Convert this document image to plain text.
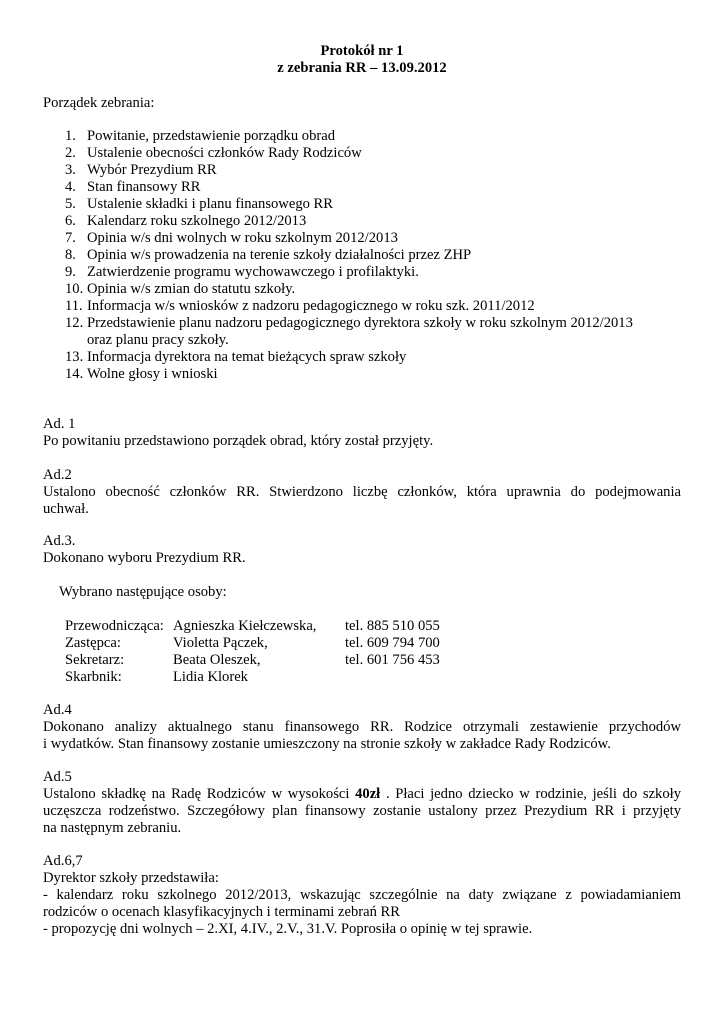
Protokół nr 1
z zebrania RR – 13.09.2012
Porządek zebrania:
1. Powitanie, przedstawienie porządku obrad
2. Ustalenie obecności członków Rady Rodziców
3. Wybór Prezydium RR
4. Stan finansowy RR
5. Ustalenie składki i planu finansowego RR
6. Kalendarz roku szkolnego 2012/2013
7. Opinia w/s dni wolnych w roku szkolnym 2012/2013
8. Opinia w/s prowadzenia na terenie szkoły działalności przez ZHP
9. Zatwierdzenie programu wychowawczego i profilaktyki.
10. Opinia w/s zmian do statutu szkoły.
11. Informacja w/s wniosków z nadzoru pedagogicznego w roku szk. 2011/2012
12. Przedstawienie planu nadzoru pedagogicznego dyrektora szkoły w roku szkolnym 2012/2013
oraz planu pracy szkoły.
13. Informacja dyrektora na temat bieżących spraw szkoły
14. Wolne głosy i wnioski
Ad. 1
Po powitaniu przedstawiono porządek obrad, który został przyjęty.
Ad.2
Ustalono obecność członków RR. Stwierdzono liczbę członków, która uprawnia do podejmowania
uchwał.
Ad.3.
Dokonano wyboru Prezydium RR.
Wybrano następujące osoby:
Przewodnicząca: Agnieszka Kiełczewska, tel. 885 510 055
Zastępca:	Violetta Pączek,	tel. 609 794 700
Sekretarz:	Beata Oleszek,	tel. 601 756 453
Skarbnik:	Lidia Klorek
Ad.4
Dokonano analizy aktualnego stanu finansowego RR. Rodzice otrzymali zestawienie przychodów
i wydatków. Stan finansowy zostanie umieszczony na stronie szkoły w zakładce Rady Rodziców.
Ad.5
Ustalono składkę na Radę Rodziców w wysokości 40zł . Płaci jedno dziecko w rodzinie, jeśli do szkoły
uczęszcza rodzeństwo. Szczegółowy plan finansowy zostanie ustalony przez Prezydium RR i przyjęty
na następnym zebraniu.
Ad.6,7
Dyrektor szkoły przedstawiła:
- kalendarz roku szkolnego 2012/2013, wskazując szczególnie na daty związane z powiadamianiem
rodziców o ocenach klasyfikacyjnych i terminami zebrań RR
- propozycję dni wolnych – 2.XI, 4.IV., 2.V., 31.V. Poprosiła o opinię w tej sprawie.
